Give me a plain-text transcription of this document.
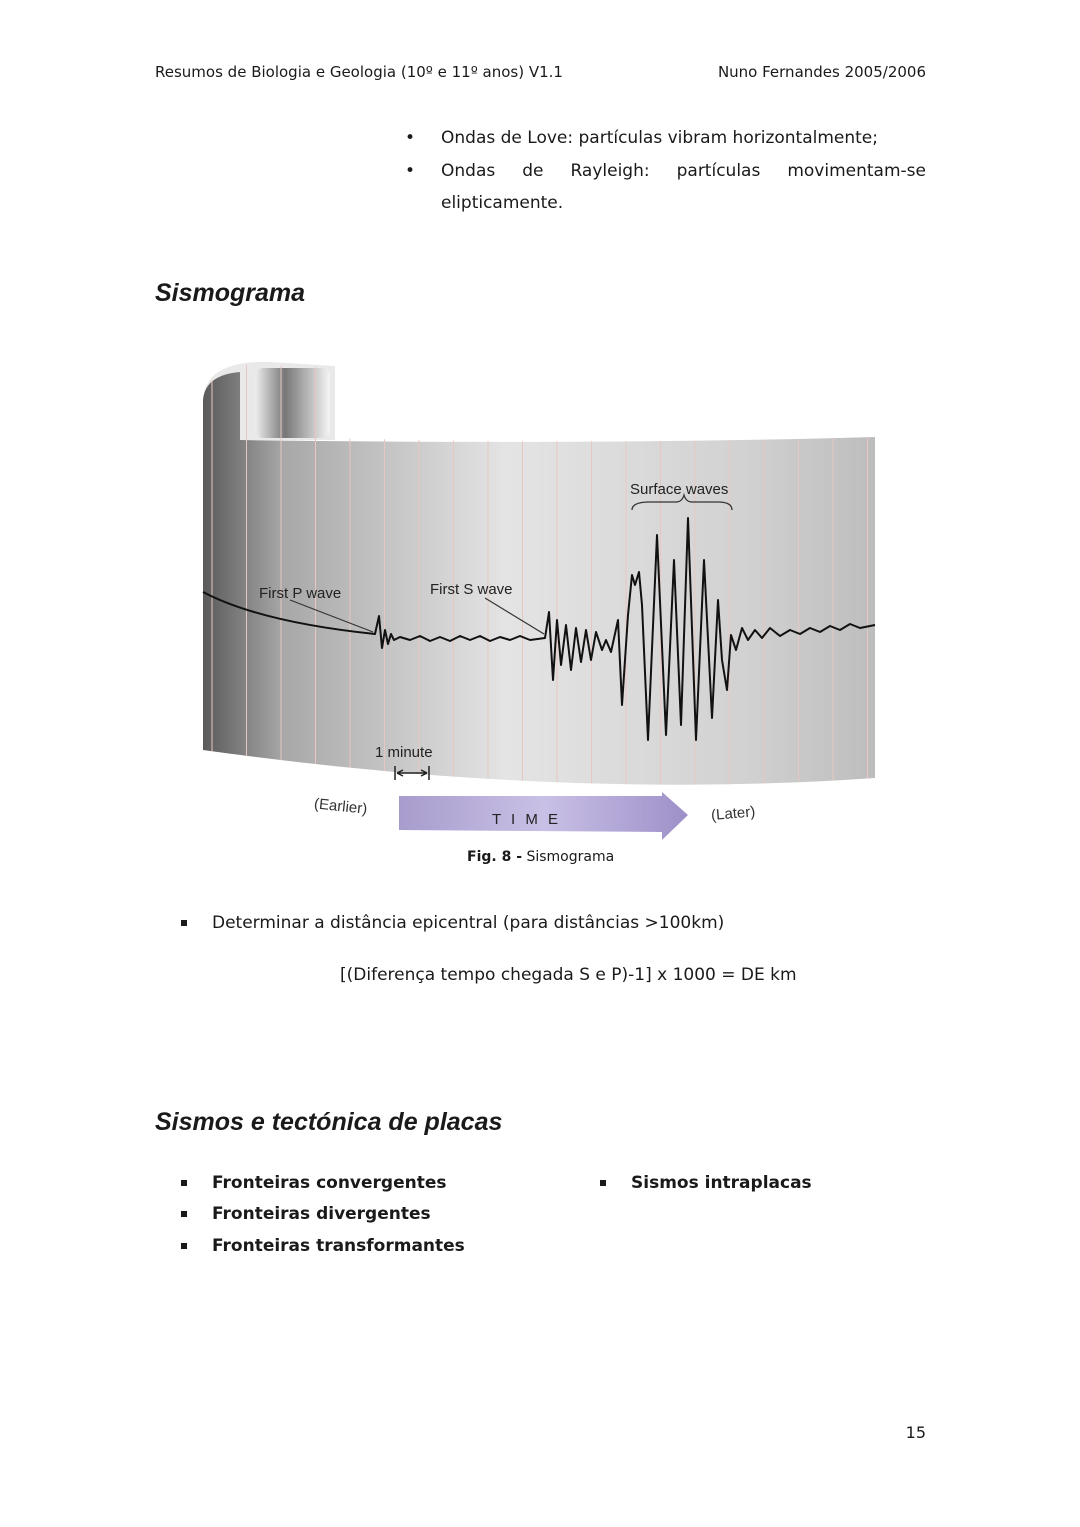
Resumos de Biologia e Geologia (10º e 11º anos) V1.1	Nuno Fernandes 2005/2006
• Ondas de Love: partículas vibram horizontalmente;
• Ondas de Rayleigh: partículas movimentam-se
elipticamente.
Sismograma
First P wave	First S wave
Surface waves
1 minute
(Earlier)
T I M E	(Later)
Fig. 8 - Sismograma
Determinar a distância epicentral (para distâncias >100km)
[(Diferença tempo chegada S e P)-1] x 1000 = DE km
Sismos e tectónica de placas
Fronteiras convergentes
Fronteiras divergentes
Fronteiras transformantes
Sismos intraplacas
15
